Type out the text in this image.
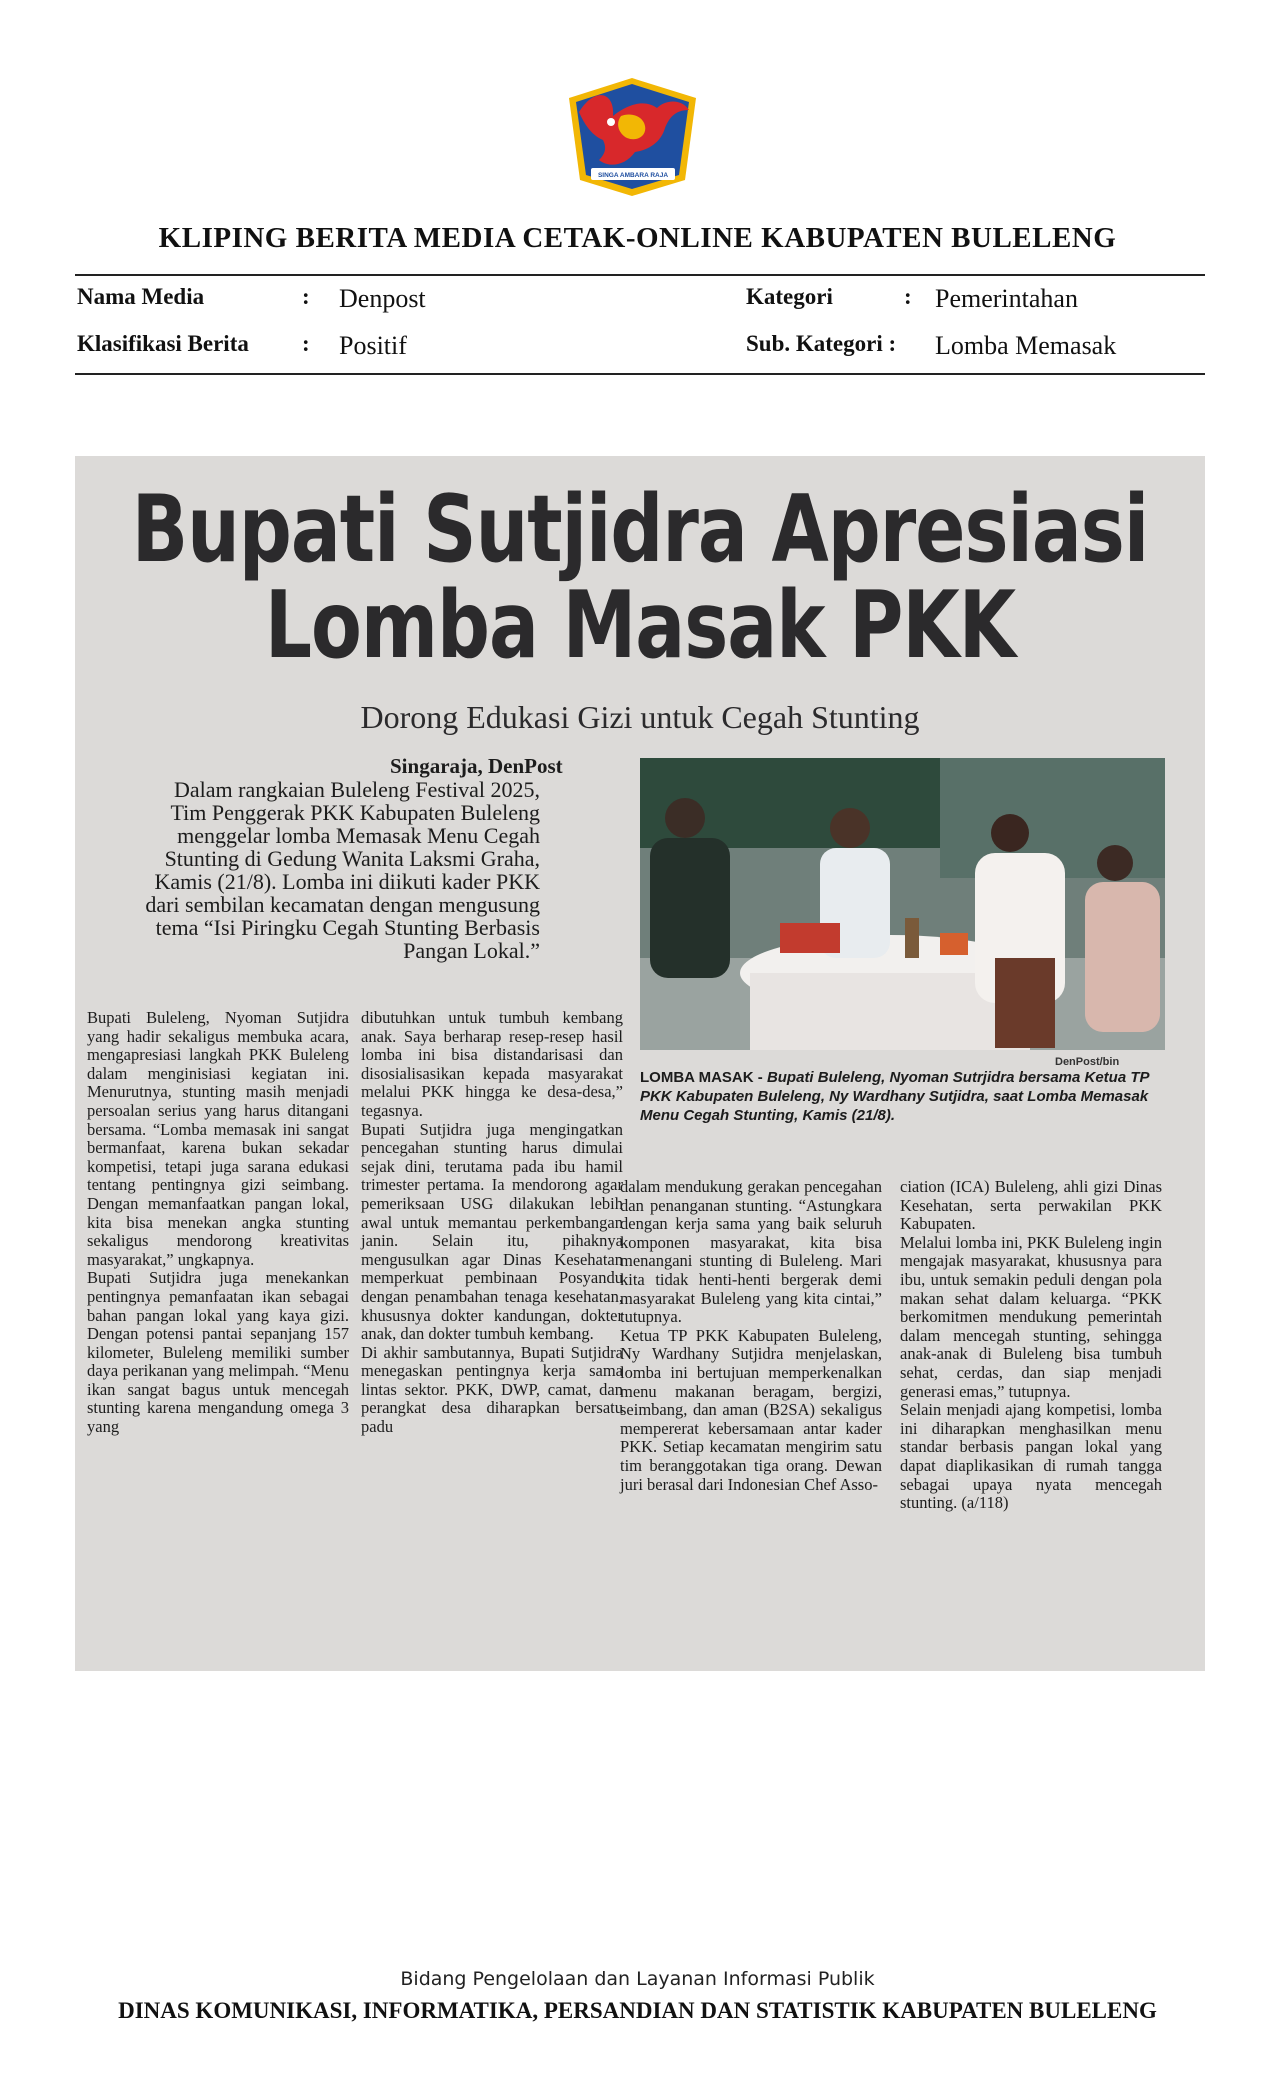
SINGA AMBARA RAJA
KLIPING BERITA MEDIA CETAK-ONLINE KABUPATEN BULELENG
Nama Media	: Denpost	Kategori	: Pemerintahan
Klasifikasi Berita : Positif	Sub. Kategori : Lomba Memasak
Bupati Sutjidra Apresiasi
Lomba Masak PKK
Dorong Edukasi Gizi untuk Cegah Stunting
Singaraja, DenPost
Dalam rangkaian Buleleng Festival 2025,
Tim Penggerak PKK Kabupaten Buleleng
menggelar lomba Memasak Menu Cegah
Stunting di Gedung Wanita Laksmi Graha,
Kamis (21/8). Lomba ini diikuti kader PKK
dari sembilan kecamatan dengan mengusung
tema “Isi Piringku Cegah Stunting Berbasis
Pangan Lokal.”
DenPost/bin
LOMBA MASAK - Bupati Buleleng, Nyoman Sutrjidra bersama Ketua TP PKK Kabupaten Buleleng, Ny Wardhany Sutjidra, saat Lomba Memasak Menu Cegah Stunting, Kamis (21/8).
Bupati Buleleng, Nyoman Sutjidra yang hadir sekaligus membuka acara, mengapresiasi langkah PKK Buleleng dalam menginisiasi kegiatan ini. Menurutnya, stunting masih menjadi persoalan serius yang harus ditangani bersama. “Lomba memasak ini sangat bermanfaat, karena bukan sekadar kompetisi, tetapi juga sarana edukasi tentang pentingnya gizi seimbang. Dengan memanfaatkan pangan lokal, kita bisa menekan angka stunting sekaligus mendorong kreativitas masyarakat,” ungkapnya.
Bupati Sutjidra juga menekankan pentingnya pemanfaatan ikan sebagai bahan pangan lokal yang kaya gizi. Dengan potensi pantai sepanjang 157 kilometer, Buleleng memiliki sumber daya perikanan yang melimpah. “Menu ikan sangat bagus untuk mencegah stunting karena mengandung omega 3 yang
dibutuhkan untuk tumbuh kembang anak. Saya berharap resep-resep hasil lomba ini bisa distandarisasi dan disosialisasikan kepada masyarakat melalui PKK hingga ke desa-desa,” tegasnya.
Bupati Sutjidra juga mengingatkan pencegahan stunting harus dimulai sejak dini, terutama pada ibu hamil trimester pertama. Ia mendorong agar pemeriksaan USG dilakukan lebih awal untuk memantau perkembangan janin. Selain itu, pihaknya mengusulkan agar Dinas Kesehatan memperkuat pembinaan Posyandu dengan penambahan tenaga kesehatan, khususnya dokter kandungan, dokter anak, dan dokter tumbuh kembang.
Di akhir sambutannya, Bupati Sutjidra menegaskan pentingnya kerja sama lintas sektor. PKK, DWP, camat, dan perangkat desa diharapkan bersatu padu
dalam mendukung gerakan pencegahan dan penanganan stunting. “Astungkara dengan kerja sama yang baik seluruh komponen masyarakat, kita bisa menangani stunting di Buleleng. Mari kita tidak henti-henti bergerak demi masyarakat Buleleng yang kita cintai,” tutupnya.
Ketua TP PKK Kabupaten Buleleng, Ny Wardhany Sutjidra menjelaskan, lomba ini bertujuan memperkenalkan menu makanan beragam, bergizi, seimbang, dan aman (B2SA) sekaligus mempererat kebersamaan antar kader PKK. Setiap kecamatan mengirim satu tim beranggotakan tiga orang. Dewan juri berasal dari Indonesian Chef Asso-
ciation (ICA) Buleleng, ahli gizi Dinas Kesehatan, serta perwakilan PKK Kabupaten.
Melalui lomba ini, PKK Buleleng ingin mengajak masyarakat, khususnya para ibu, untuk semakin peduli dengan pola makan sehat dalam keluarga. “PKK berkomitmen mendukung pemerintah dalam mencegah stunting, sehingga anak-anak di Buleleng bisa tumbuh sehat, cerdas, dan siap menjadi generasi emas,” tutupnya.
Selain menjadi ajang kompetisi, lomba ini diharapkan menghasilkan menu standar berbasis pangan lokal yang dapat diaplikasikan di rumah tangga sebagai upaya nyata mencegah stunting. (a/118)
Bidang Pengelolaan dan Layanan Informasi Publik
DINAS KOMUNIKASI, INFORMATIKA, PERSANDIAN DAN STATISTIK KABUPATEN BULELENG
